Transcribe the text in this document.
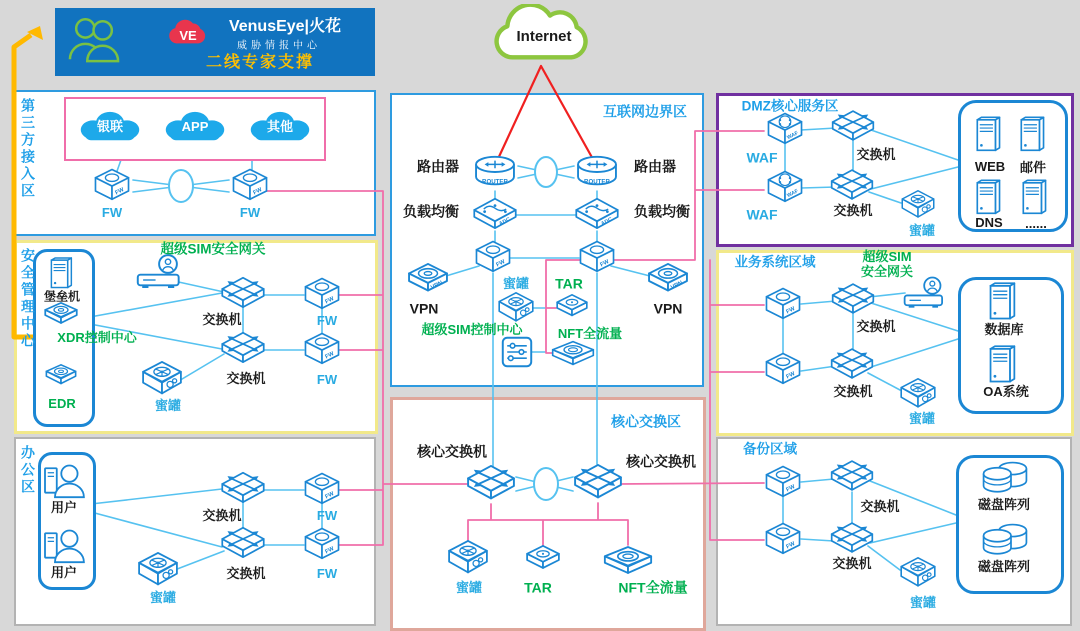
VE
VenusEye|火花
威胁情报中心
二线专家支撑
Internet
第三方接入区	银联	APP	其他
FW	FW
安全管理中心 堡垒机
XDR控制中心
EDR
超级SIM安全网关
交换机
交换机
FW
FW
蜜罐
办公区
用户
用户
交换机
交换机
FW
FW
蜜罐
互联网边界区
路由器	路由器
负载均衡	负载均衡
VPN	VPN
蜜罐 TAR
超级SIM控制中心	NFT全流量
核心交换区
核心交换机
核心交换机
蜜罐	TAR	NFT全流量
DMZ核心服务区
WAF
WAF
交换机
交换机
蜜罐
WEB 邮件
DNS ......
业务系统区域	超级SIM
安全网关
交换机
交换机
蜜罐
数据库
OA系统
备份区域
交换机
交换机
蜜罐
磁盘阵列
磁盘阵列
